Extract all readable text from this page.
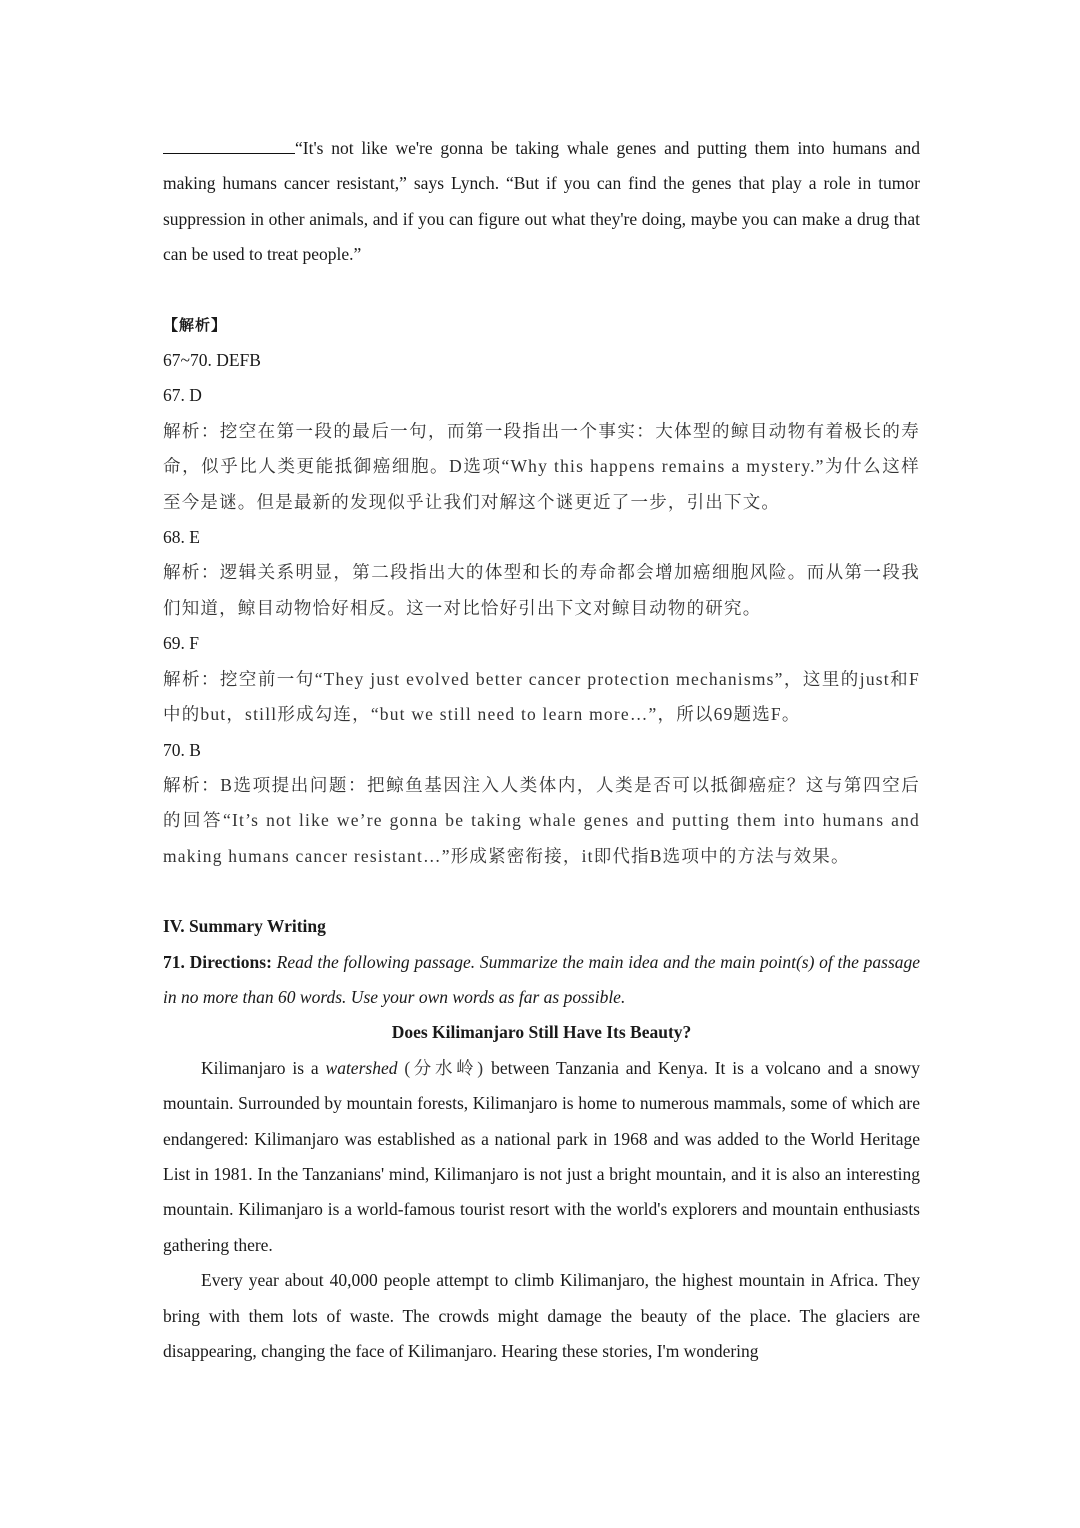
“It's not like we're gonna be taking whale genes and putting them into humans and making humans cancer resistant,” says Lynch. “But if you can find the genes that play a role in tumor suppression in other animals, and if you can figure out what they're doing, maybe you can make a drug that can be used to treat people.”

【解析】

67~70. DEFB

67. D

解析：挖空在第一段的最后一句，而第一段指出一个事实：大体型的鲸目动物有着极长的寿命，似乎比人类更能抵御癌细胞。D选项“Why this happens remains a mystery.”为什么这样至今是谜。但是最新的发现似乎让我们对解这个谜更近了一步，引出下文。

68. E

解析：逻辑关系明显，第二段指出大的体型和长的寿命都会增加癌细胞风险。而从第一段我们知道，鲸目动物恰好相反。这一对比恰好引出下文对鲸目动物的研究。

69. F

解析：挖空前一句“They just evolved better cancer protection mechanisms”，这里的just和F中的but，still形成勾连，“but we still need to learn more…”，所以69题选F。

70. B

解析：B选项提出问题：把鲸鱼基因注入人类体内，人类是否可以抵御癌症？这与第四空后的回答“It’s not like we’re gonna be taking whale genes and putting them into humans and making humans cancer resistant…”形成紧密衔接，it即代指B选项中的方法与效果。

IV. Summary Writing

71. Directions: Read the following passage. Summarize the main idea and the main point(s) of the passage in no more than 60 words. Use your own words as far as possible.

Does Kilimanjaro Still Have Its Beauty?

Kilimanjaro is a watershed (分水岭) between Tanzania and Kenya. It is a volcano and a snowy mountain. Surrounded by mountain forests, Kilimanjaro is home to numerous mammals, some of which are endangered: Kilimanjaro was established as a national park in 1968 and was added to the World Heritage List in 1981. In the Tanzanians' mind, Kilimanjaro is not just a bright mountain, and it is also an interesting mountain. Kilimanjaro is a world-famous tourist resort with the world's explorers and mountain enthusiasts gathering there.

Every year about 40,000 people attempt to climb Kilimanjaro, the highest mountain in Africa. They bring with them lots of waste. The crowds might damage the beauty of the place. The glaciers are disappearing, changing the face of Kilimanjaro. Hearing these stories, I'm wondering
